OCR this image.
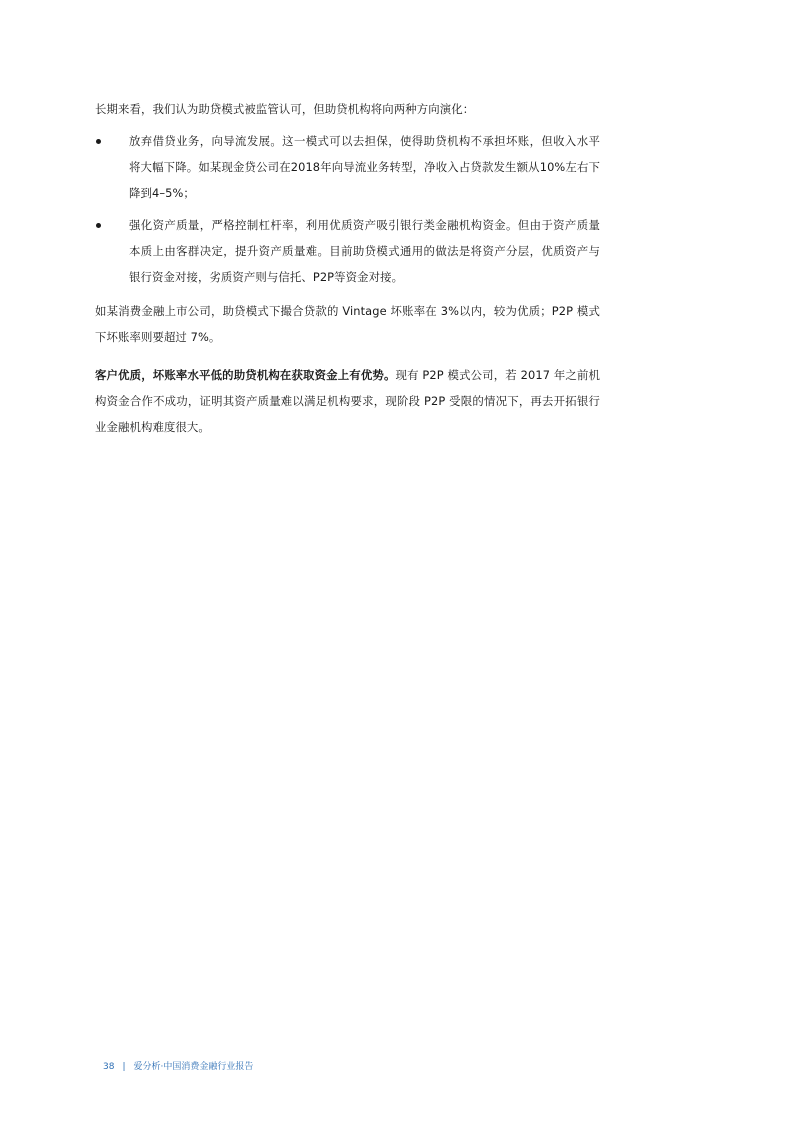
长期来看，我们认为助贷模式被监管认可，但助贷机构将向两种方向演化：

放弃借贷业务，向导流发展。这一模式可以去担保，使得助贷机构不承担坏账，但收入水平将大幅下降。如某现金贷公司在2018年向导流业务转型，净收入占贷款发生额从10%左右下降到4–5%；
强化资产质量，严格控制杠杆率，利用优质资产吸引银行类金融机构资金。但由于资产质量本质上由客群决定，提升资产质量难。目前助贷模式通用的做法是将资产分层，优质资产与银行资金对接，劣质资产则与信托、P2P等资金对接。

如某消费金融上市公司，助贷模式下撮合贷款的 Vintage 坏账率在 3%以内，较为优质；P2P 模式下坏账率则要超过 7%。

客户优质，坏账率水平低的助贷机构在获取资金上有优势。现有 P2P 模式公司，若 2017 年之前机构资金合作不成功，证明其资产质量难以满足机构要求，现阶段 P2P 受限的情况下，再去开拓银行业金融机构难度很大。

38 | 爱分析·中国消费金融行业报告
